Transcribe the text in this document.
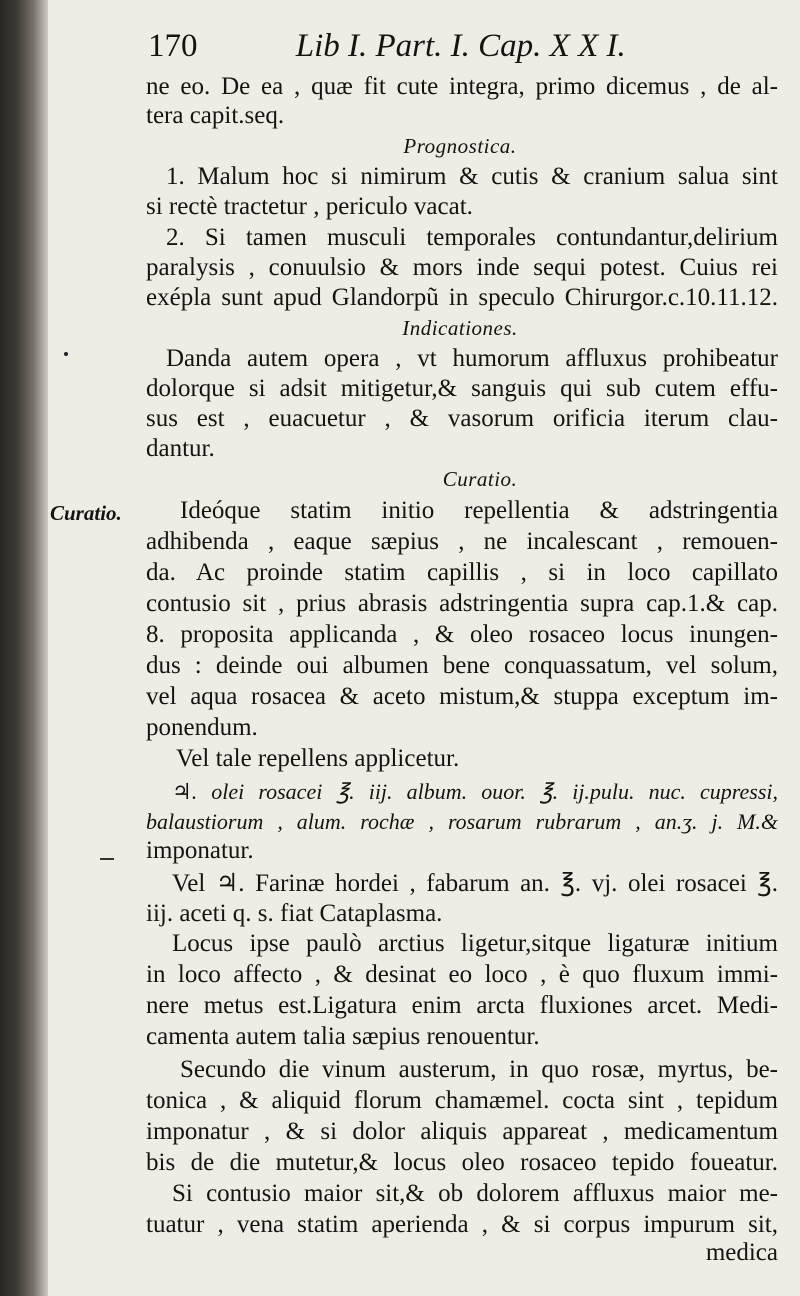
170	Lib I. Part. I. Cap. X X I.
Curatio.
ne eo. De ea , quæ fit cute integra, primo dicemus , de al-
tera capit.seq.
Prognostica.
1. Malum hoc si nimirum & cutis & cranium salua sint
si rectè tractetur , periculo vacat.
2. Si tamen musculi temporales contundantur,delirium
paralysis , conuulsio & mors inde sequi potest. Cuius rei
exépla sunt apud Glandorpũ in speculo Chirurgor.c.10.11.12.
Indicationes.
Danda autem opera , vt humorum affluxus prohibeatur
dolorque si adsit mitigetur,& sanguis qui sub cutem effu-
sus est , euacuetur , & vasorum orificia iterum clau-
dantur.
Curatio.
Ideóque statim initio repellentia & adstringentia
adhibenda , eaque sæpius , ne incalescant , remouen-
da. Ac proinde statim capillis , si in loco capillato
contusio sit , prius abrasis adstringentia supra cap.1.& cap.
8. proposita applicanda , & oleo rosaceo locus inungen-
dus : deinde oui albumen bene conquassatum, vel solum,
vel aqua rosacea & aceto mistum,& stuppa exceptum im-
ponendum.
Vel tale repellens applicetur.
♃. olei rosacei ℥. iij. album. ouor. ℥. ij.pulu. nuc. cupressi,
balaustiorum , alum. rochæ , rosarum rubrarum , an.ʒ. j. M.&
imponatur.
Vel ♃. Farinæ hordei , fabarum an. ℥. vj. olei rosacei ℥.
iij. aceti q. s. fiat Cataplasma.
Locus ipse paulò arctius ligetur,sitque ligaturæ initium
in loco affecto , & desinat eo loco , è quo fluxum immi-
nere metus est.Ligatura enim arcta fluxiones arcet. Medi-
camenta autem talia sæpius renouentur.
Secundo die vinum austerum, in quo rosæ, myrtus, be-
tonica , & aliquid florum chamæmel. cocta sint , tepidum
imponatur , & si dolor aliquis appareat , medicamentum
bis de die mutetur,& locus oleo rosaceo tepido foueatur.
Si contusio maior sit,& ob dolorem affluxus maior me-
tuatur , vena statim aperienda , & si corpus impurum sit,
medica
